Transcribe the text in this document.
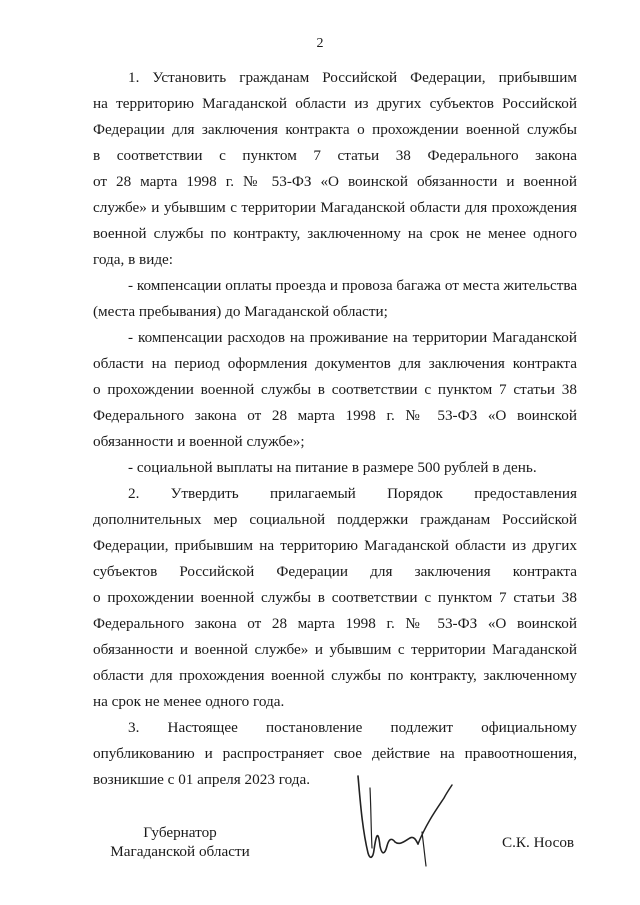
2
1. Установить гражданам Российской Федерации, прибывшим
на территорию Магаданской области из других субъектов Российской
Федерации для заключения контракта о прохождении военной службы
в соответствии с пунктом 7 статьи 38 Федерального закона
от 28 марта 1998 г. № 53-ФЗ «О воинской обязанности и военной
службе» и убывшим с территории Магаданской области для прохождения
военной службы по контракту, заключенному на срок не менее одного
года, в виде:
- компенсации оплаты проезда и провоза багажа от места жительства
(места пребывания) до Магаданской области;
- компенсации расходов на проживание на территории Магаданской
области на период оформления документов для заключения контракта
о прохождении военной службы в соответствии с пунктом 7 статьи 38
Федерального закона от 28 марта 1998 г. № 53-ФЗ «О воинской
обязанности и военной службе»;
- социальной выплаты на питание в размере 500 рублей в день.
2. Утвердить прилагаемый Порядок предоставления
дополнительных мер социальной поддержки гражданам Российской
Федерации, прибывшим на территорию Магаданской области из других
субъектов Российской Федерации для заключения контракта
о прохождении военной службы в соответствии с пунктом 7 статьи 38
Федерального закона от 28 марта 1998 г. № 53-ФЗ «О воинской
обязанности и военной службе» и убывшим с территории Магаданской
области для прохождения военной службы по контракту, заключенному
на срок не менее одного года.
3. Настоящее постановление подлежит официальному
опубликованию и распространяет свое действие на правоотношения,
возникшие с 01 апреля 2023 года.
Губернатор
Магаданской области
С.К. Носов
